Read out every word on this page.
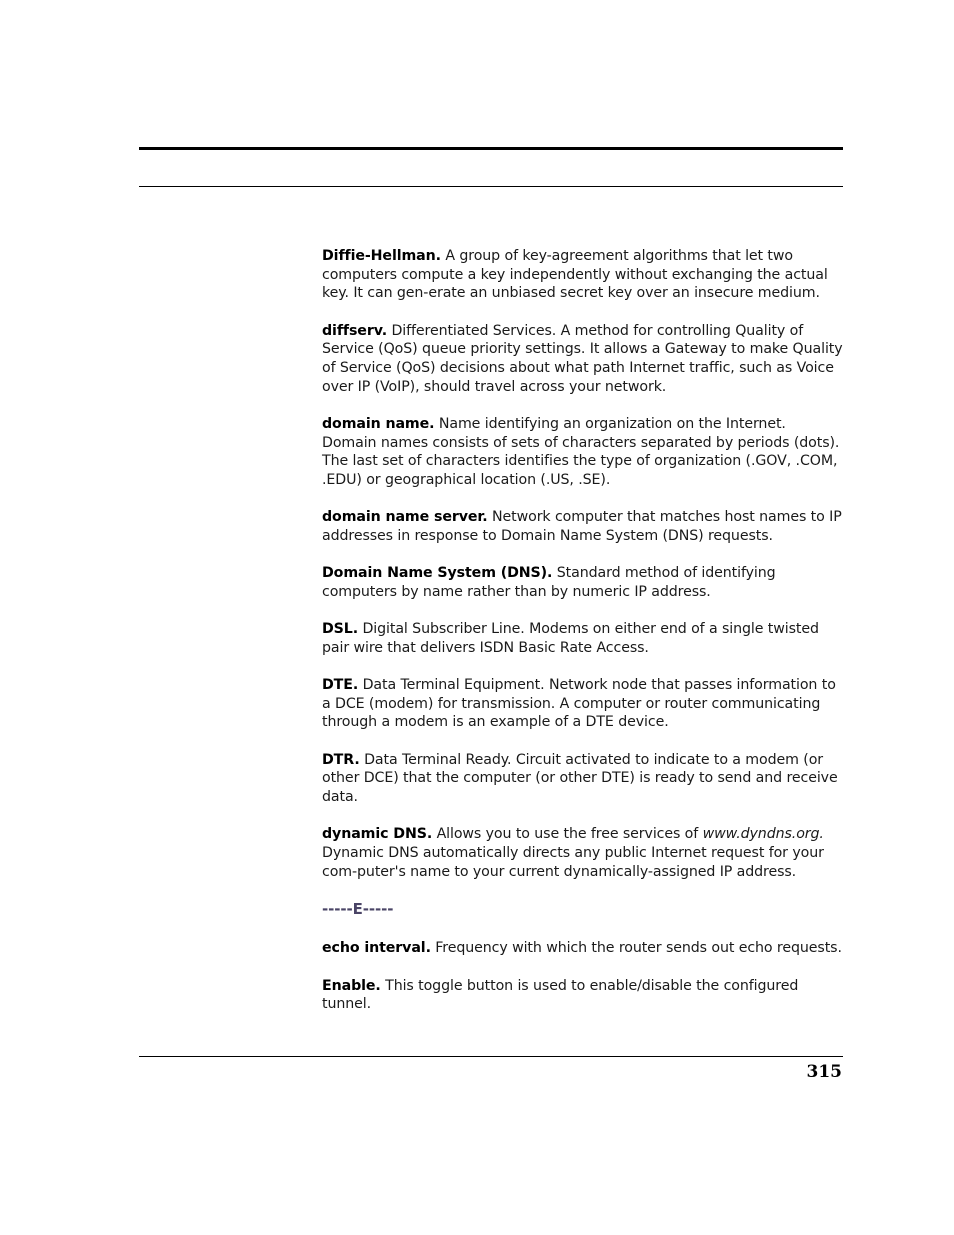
Diffie-Hellman. A group of key-agreement algorithms that let two computers compute a key independently without exchanging the actual key. It can gen-erate an unbiased secret key over an insecure medium.

diffserv. Differentiated Services. A method for controlling Quality of Service (QoS) queue priority settings. It allows a Gateway to make Quality of Service (QoS) decisions about what path Internet traffic, such as Voice over IP (VoIP), should travel across your network.

domain name. Name identifying an organization on the Internet. Domain names consists of sets of characters separated by periods (dots). The last set of characters identifies the type of organization (.GOV, .COM, .EDU) or geographical location (.US, .SE).

domain name server. Network computer that matches host names to IP addresses in response to Domain Name System (DNS) requests.

Domain Name System (DNS). Standard method of identifying computers by name rather than by numeric IP address.

DSL. Digital Subscriber Line. Modems on either end of a single twisted pair wire that delivers ISDN Basic Rate Access.

DTE. Data Terminal Equipment. Network node that passes information to a DCE (modem) for transmission. A computer or router communicating through a modem is an example of a DTE device.

DTR. Data Terminal Ready. Circuit activated to indicate to a modem (or other DCE) that the computer (or other DTE) is ready to send and receive data.

dynamic DNS. Allows you to use the free services of www.dyndns.org. Dynamic DNS automatically directs any public Internet request for your com-puter's name to your current dynamically-assigned IP address.

-----E-----

echo interval. Frequency with which the router sends out echo requests.

Enable. This toggle button is used to enable/disable the configured tunnel.

315
